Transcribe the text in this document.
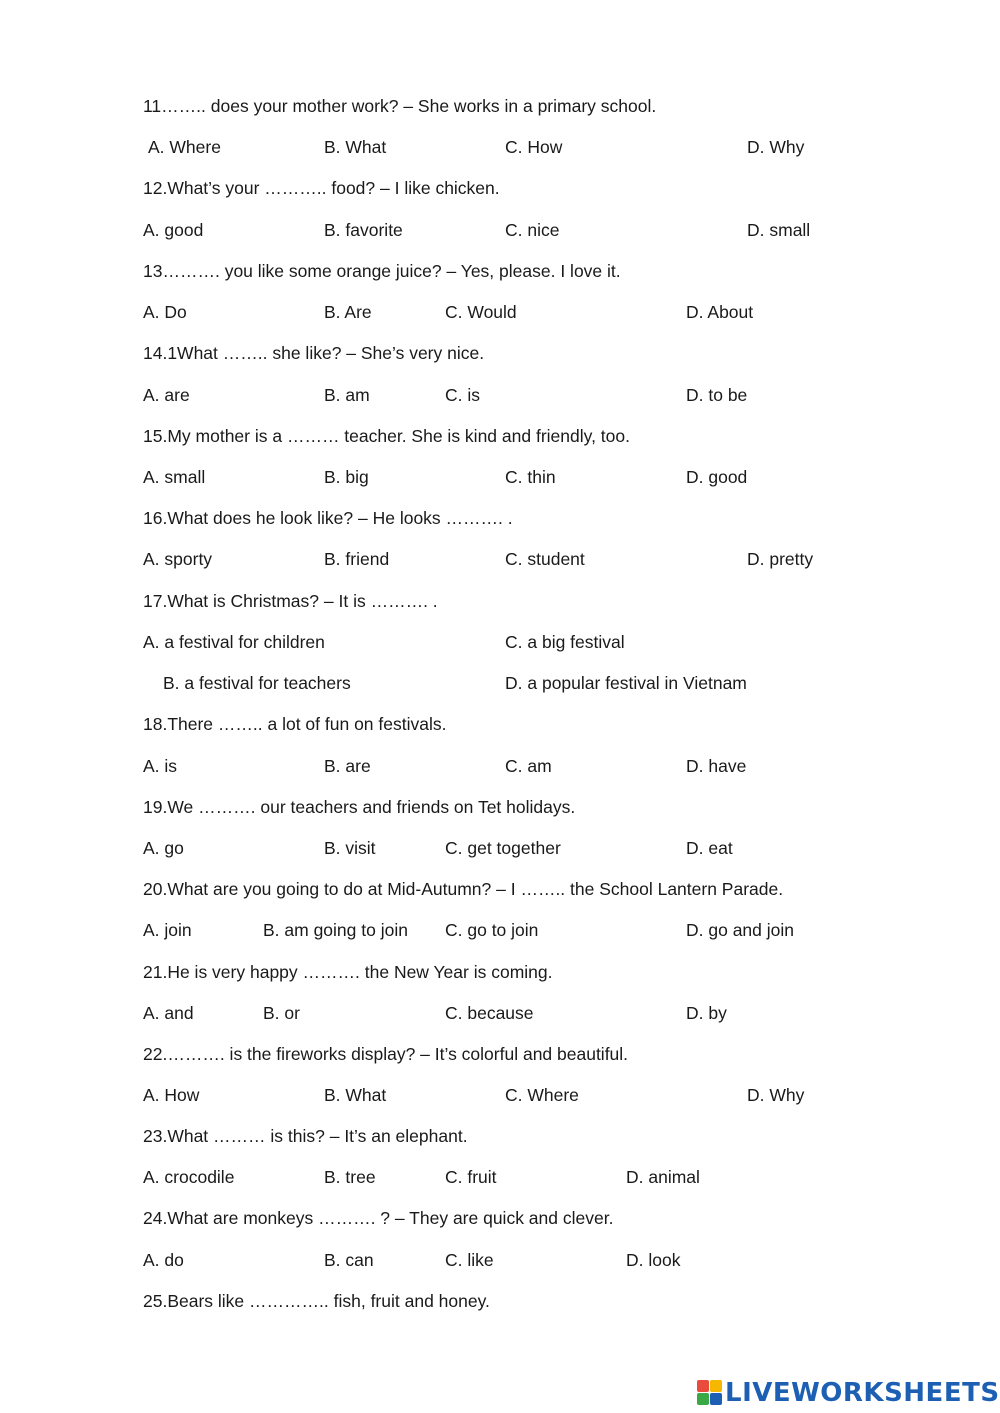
11…….. does your mother work? – She works in a primary school.
A. Where	B. What	C. How	D. Why
12.What’s your ……….. food? – I like chicken.
A. good	B. favorite	C. nice	D. small
13………. you like some orange juice? – Yes, please. I love it.
A. Do	B. Are	C. Would	D. About
14.1What …….. she like? – She’s very nice.
A. are	B. am	C. is	D. to be
15.My mother is a ……… teacher. She is kind and friendly, too.
A. small	B. big	C. thin	D. good
16.What does he look like? – He looks ………. .
A. sporty	B. friend	C. student	D. pretty
17.What is Christmas? – It is ………. .
A. a festival for children	C. a big festival
B. a festival for teachers	D. a popular festival in Vietnam
18.There …….. a lot of fun on festivals.
A. is	B. are	C. am	D. have
19.We ………. our teachers and friends on Tet holidays.
A. go	B. visit	C. get together	D. eat
20.What are you going to do at Mid-Autumn? – I …….. the School Lantern Parade.
A. join	B. am going to join C. go to join	D. go and join
21.He is very happy ………. the New Year is coming.
A. and	B. or	C. because	D. by
22.………. is the fireworks display? – It’s colorful and beautiful.
A. How	B. What	C. Where	D. Why
23.What ……… is this? – It’s an elephant.
A. crocodile	B. tree	C. fruit	D. animal
24.What are monkeys ………. ? – They are quick and clever.
A. do	B. can	C. like	D. look
25.Bears like ………….. fish, fruit and honey.
LIVEWORKSHEETS
